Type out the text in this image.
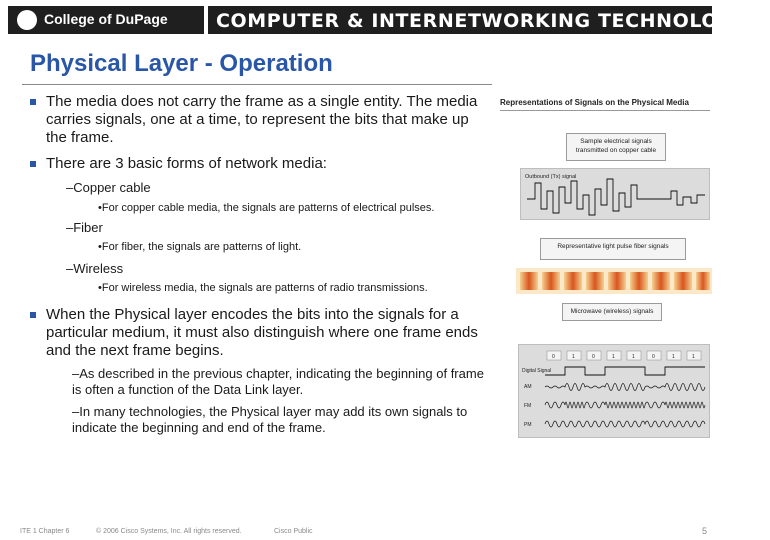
College of DuPage	COMPUTER & INTERNETWORKING TECHNOLOGIES
Physical Layer - Operation
The media does not carry the frame as a single entity. The media carries signals, one at a time, to represent the bits that make up the frame.
There are 3 basic forms of network media:
–Copper cable
•For copper cable media, the signals are patterns of electrical pulses.
–Fiber
•For fiber, the signals are patterns of light.
–Wireless
•For wireless media, the signals are patterns of radio transmissions.
When the Physical layer encodes the bits into the signals for a particular medium, it must also distinguish where one frame ends and the next frame begins.
–As described in the previous chapter, indicating the beginning of frame is often a function of the Data Link layer.
–In many technologies, the Physical layer may add its own signals to indicate the beginning and end of the frame.
Representations of Signals on the Physical Media
Sample electrical signals transmitted on copper cable
Outbound (Tx) signal
Representative light pulse fiber signals
Microwave (wireless) signals
0	1	0	1	1	0	1	1
Digital Signal
AM
FM
PM
ITE 1 Chapter 6	© 2006 Cisco Systems, Inc. All rights reserved.	Cisco Public	5
